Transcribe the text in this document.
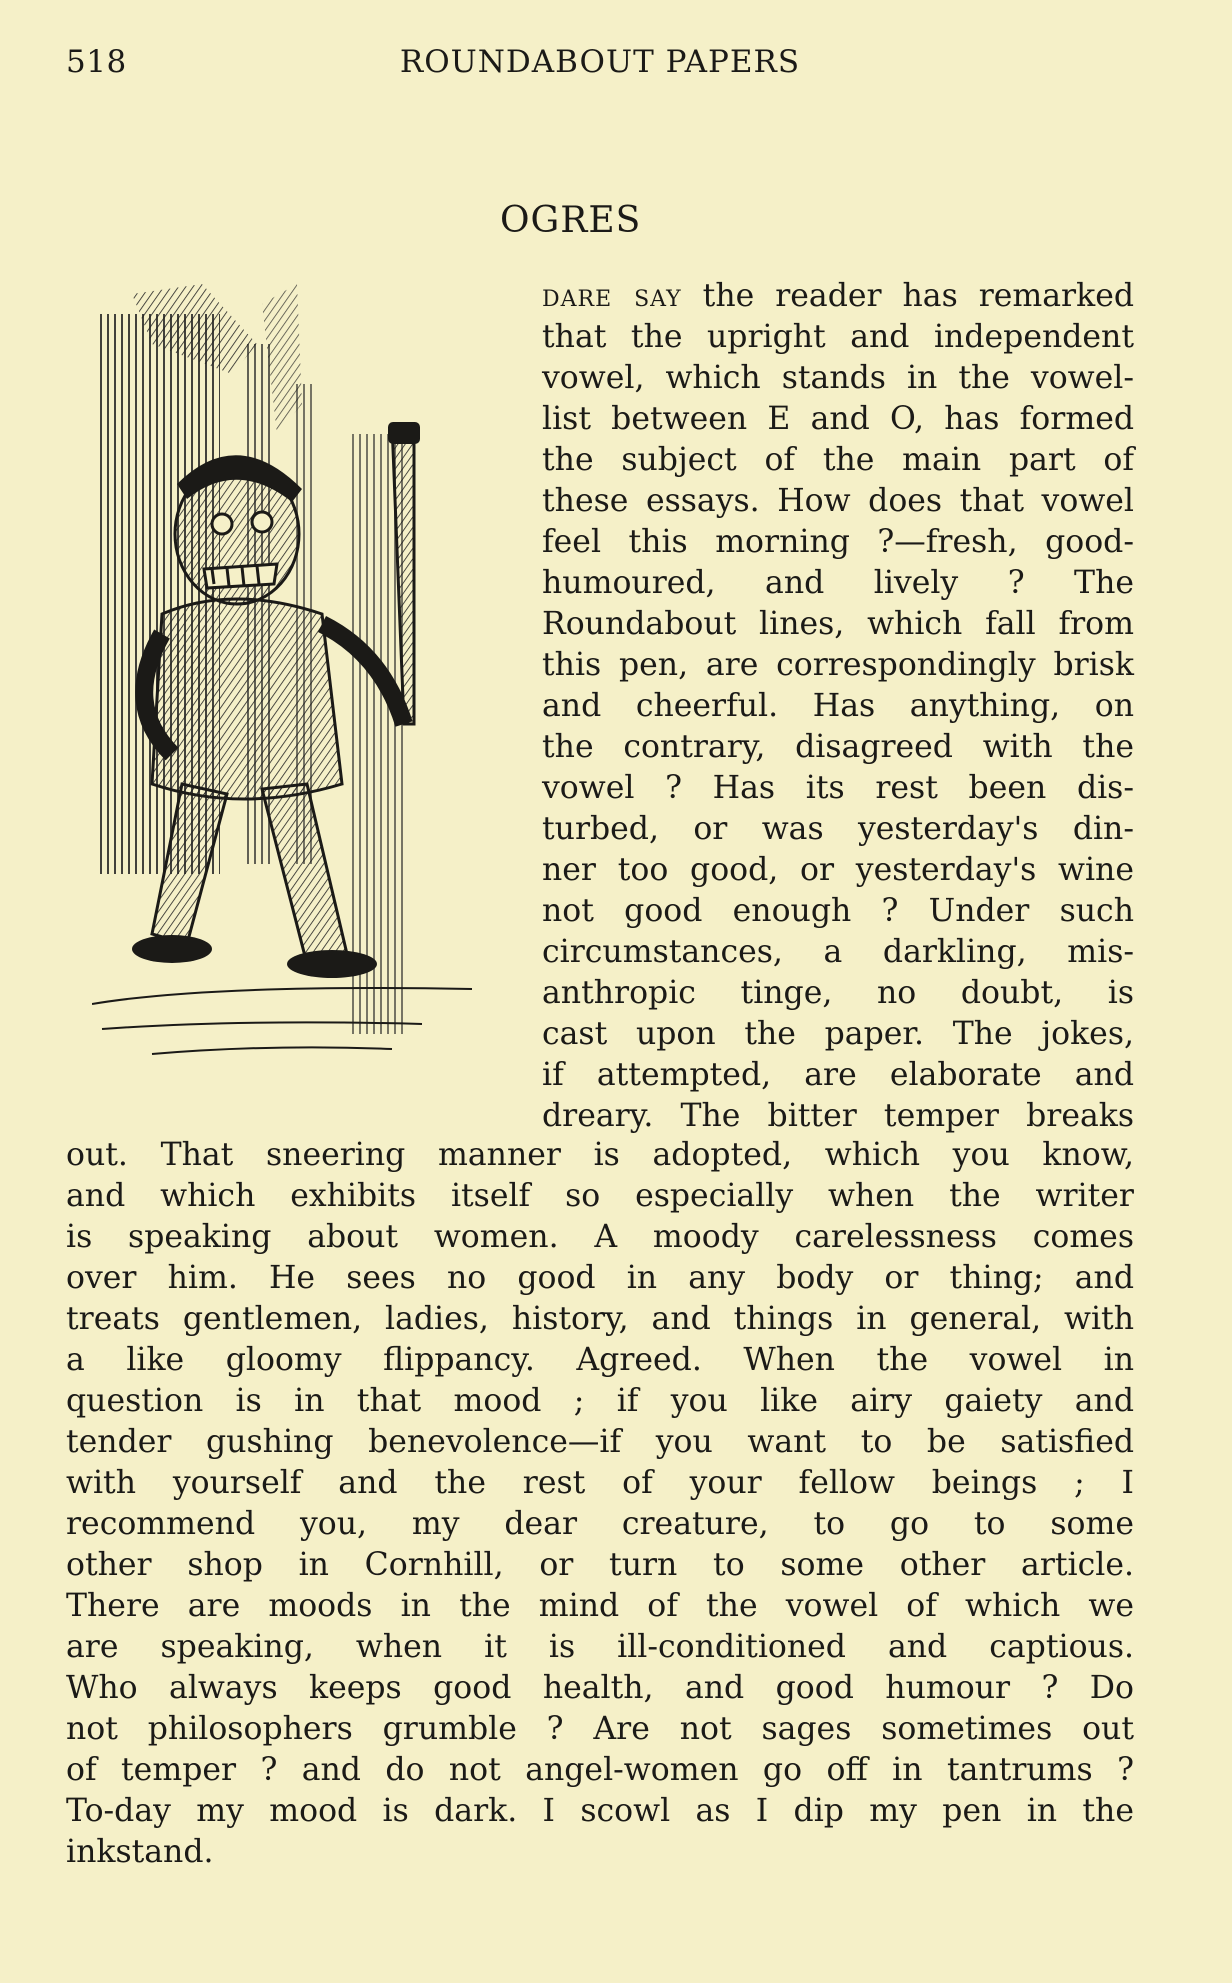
518	ROUNDABOUT PAPERS
OGRES
dare say the reader has remarked
that the upright and independent
vowel, which stands in the vowel-
list between E and O, has formed
the subject of the main part of
these essays. How does that vowel
feel this morning ?—fresh, good-
humoured, and lively ? The
Roundabout lines, which fall from
this pen, are correspondingly brisk
and cheerful. Has anything, on
the contrary, disagreed with the
vowel ? Has its rest been dis-
turbed, or was yesterday's din-
ner too good, or yesterday's wine
not good enough ? Under such
circumstances, a darkling, mis-
anthropic tinge, no doubt, is
cast upon the paper. The jokes,
if attempted, are elaborate and
dreary. The bitter temper breaks
out. That sneering manner is adopted, which you know,
and which exhibits itself so especially when the writer
is speaking about women. A moody carelessness comes
over him. He sees no good in any body or thing; and
treats gentlemen, ladies, history, and things in general, with
a like gloomy flippancy. Agreed. When the vowel in
question is in that mood ; if you like airy gaiety and
tender gushing benevolence—if you want to be satisfied
with yourself and the rest of your fellow beings ; I
recommend you, my dear creature, to go to some
other shop in Cornhill, or turn to some other article.
There are moods in the mind of the vowel of which we
are speaking, when it is ill-conditioned and captious.
Who always keeps good health, and good humour ? Do
not philosophers grumble ? Are not sages sometimes out
of temper ? and do not angel-women go off in tantrums ?
To-day my mood is dark. I scowl as I dip my pen in the
inkstand.
